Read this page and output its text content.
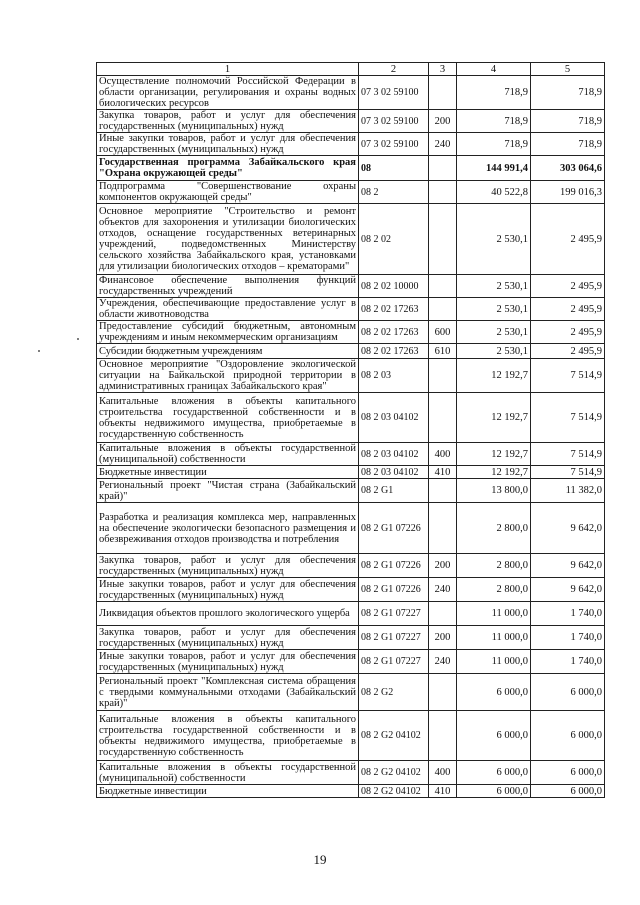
1	2	3	4	5
Осуществление полномочий Российской Федерации в области организации, регулирования и охраны водных биологических ресурсов	07 3 02 59100		718,9	718,9
Закупка товаров, работ и услуг для обеспечения государственных (муниципальных) нужд	07 3 02 59100	200	718,9	718,9
Иные закупки товаров, работ и услуг для обеспечения государственных (муниципальных) нужд	07 3 02 59100	240	718,9	718,9
Государственная программа Забайкальского края "Охрана окружающей среды"	08		144 991,4	303 064,6
Подпрограмма "Совершенствование охраны компонентов окружающей среды"	08 2		40 522,8	199 016,3
Основное мероприятие "Строительство и ремонт объектов для захоронения и утилизации биологических отходов, оснащение государственных ветеринарных учреждений, подведомственных Министерству сельского хозяйства Забайкальского края, установками для утилизации биологических отходов – крематорами"	08 2 02		2 530,1	2 495,9
Финансовое обеспечение выполнения функций государственных учреждений	08 2 02 10000		2 530,1	2 495,9
Учреждения, обеспечивающие предоставление услуг в области животноводства	08 2 02 17263		2 530,1	2 495,9
Предоставление субсидий бюджетным, автономным учреждениям и иным некоммерческим организациям	08 2 02 17263	600	2 530,1	2 495,9
Субсидии бюджетным учреждениям	08 2 02 17263	610	2 530,1	2 495,9
Основное мероприятие "Оздоровление экологической ситуации на Байкальской природной территории в административных границах Забайкальского края"	08 2 03		12 192,7	7 514,9
Капитальные вложения в объекты капитального строительства государственной собственности и в объекты недвижимого имущества, приобретаемые в государственную собственность	08 2 03 04102		12 192,7	7 514,9
Капитальные вложения в объекты государственной (муниципальной) собственности	08 2 03 04102	400	12 192,7	7 514,9
Бюджетные инвестиции	08 2 03 04102	410	12 192,7	7 514,9
Региональный проект "Чистая страна (Забайкальский край)"	08 2 G1		13 800,0	11 382,0
Разработка и реализация комплекса мер, направленных на обеспечение экологически безопасного размещения и обезвреживания отходов производства и потребления	08 2 G1 07226		2 800,0	9 642,0
Закупка товаров, работ и услуг для обеспечения государственных (муниципальных) нужд	08 2 G1 07226	200	2 800,0	9 642,0
Иные закупки товаров, работ и услуг для обеспечения государственных (муниципальных) нужд	08 2 G1 07226	240	2 800,0	9 642,0
Ликвидация объектов прошлого экологического ущерба	08 2 G1 07227		11 000,0	1 740,0
Закупка товаров, работ и услуг для обеспечения государственных (муниципальных) нужд	08 2 G1 07227	200	11 000,0	1 740,0
Иные закупки товаров, работ и услуг для обеспечения государственных (муниципальных) нужд	08 2 G1 07227	240	11 000,0	1 740,0
Региональный проект "Комплексная система обращения с твердыми коммунальными отходами (Забайкальский край)"	08 2 G2		6 000,0	6 000,0
Капитальные вложения в объекты капитального строительства государственной собственности и в объекты недвижимого имущества, приобретаемые в государственную собственность	08 2 G2 04102		6 000,0	6 000,0
Капитальные вложения в объекты государственной (муниципальной) собственности	08 2 G2 04102	400	6 000,0	6 000,0
Бюджетные инвестиции	08 2 G2 04102	410	6 000,0	6 000,0
19
